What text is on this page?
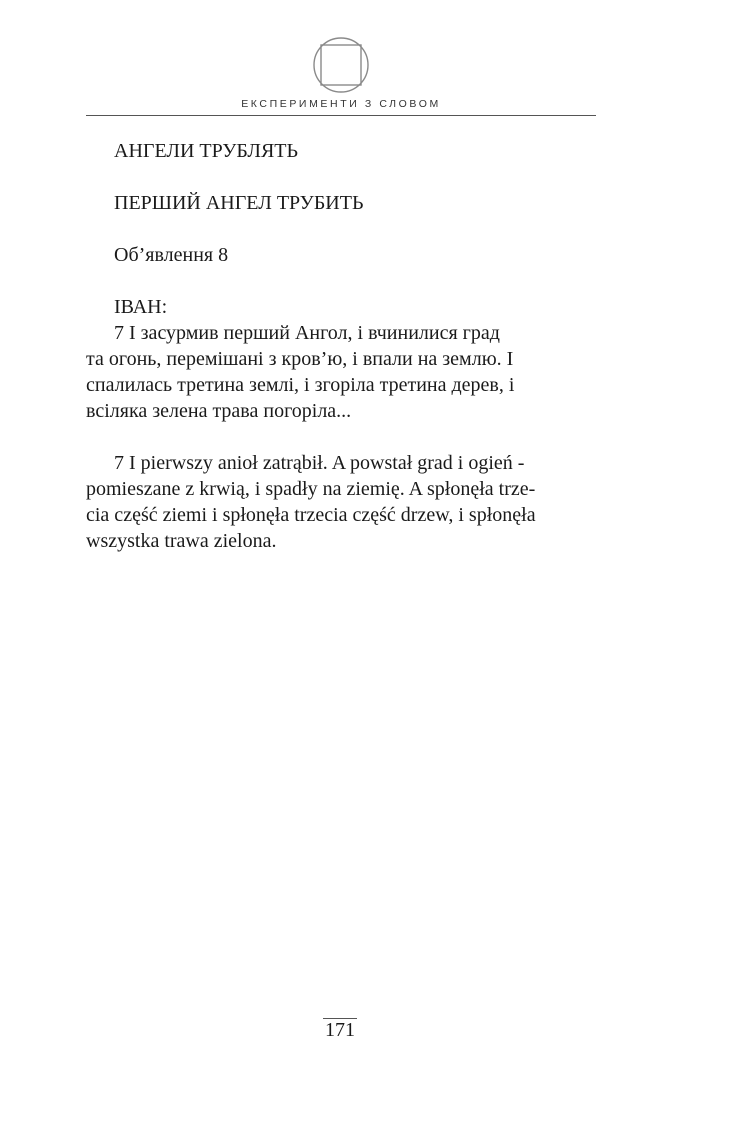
ЕКСПЕРИМЕНТИ З СЛОВОМ

АНГЕЛИ ТРУБЛЯТЬ

ПЕРШИЙ АНГЕЛ ТРУБИТЬ

Об’явлення 8

ІВАН:

7 І засурмив перший Ангол, і вчинилися град
та огонь, перемішані з кров’ю, і впали на землю. І
спалилась третина землі, і згоріла третина дерев, і
всіляка зелена трава погоріла...

7 I pierwszy anioł zatrąbił. A powstał grad i ogień -
pomieszane z krwią, i spadły na ziemię. A spłonęła trze-
cia część ziemi i spłonęła trzecia część drzew, i spłonęła
wszystka trawa zielona.

171
